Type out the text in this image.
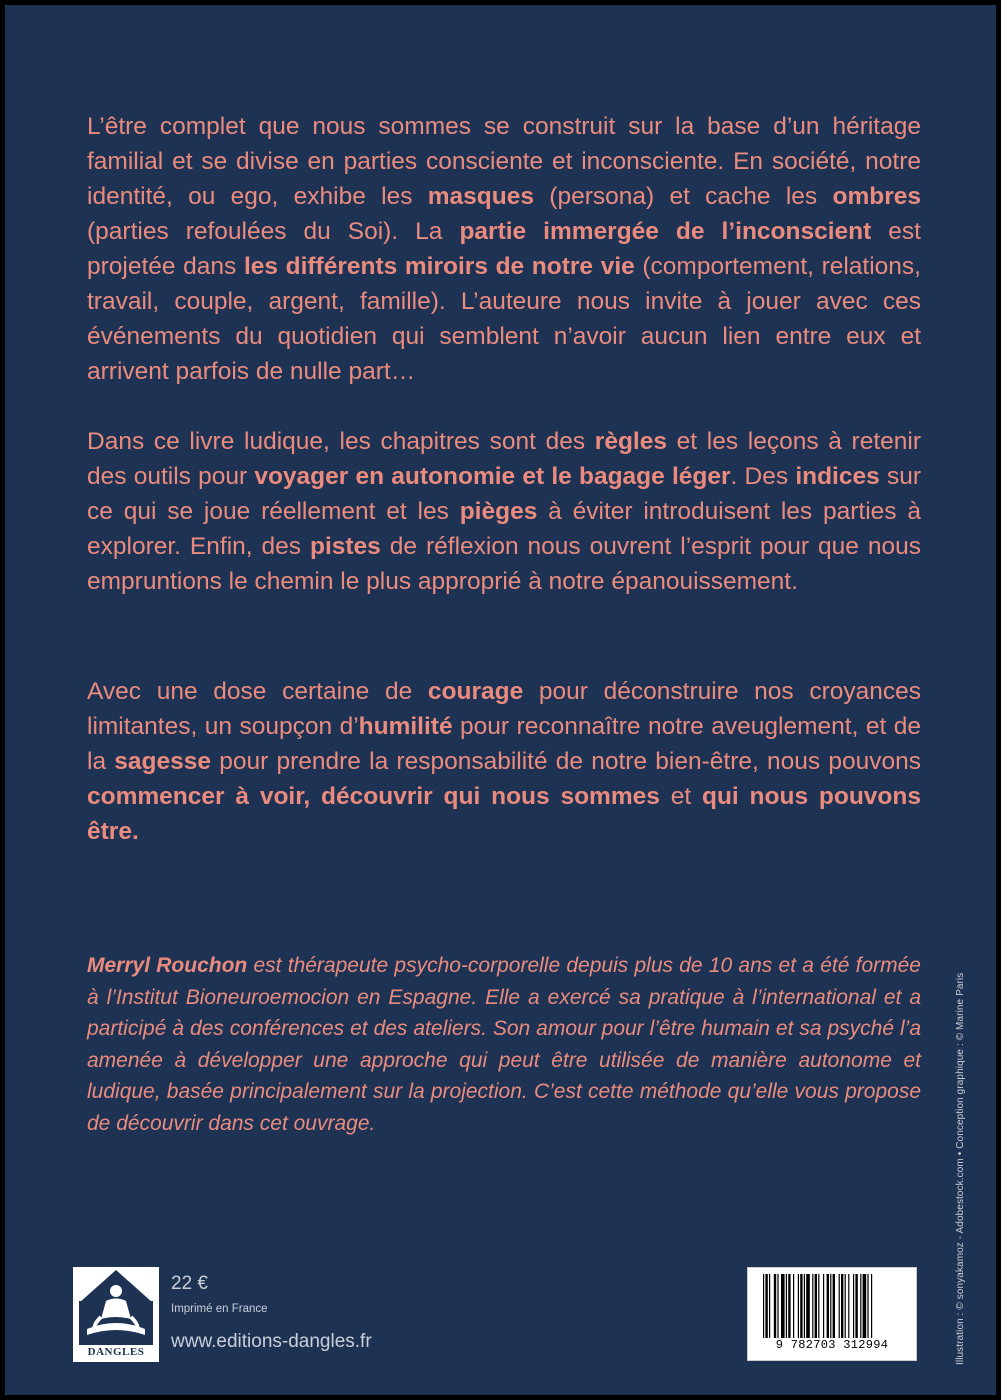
L’être complet que nous sommes se construit sur la base d’un héritage familial et se divise en parties consciente et inconsciente. En société, notre identité, ou ego, exhibe les masques (persona) et cache les ombres (parties refoulées du Soi). La partie immergée de l’inconscient est projetée dans les différents miroirs de notre vie (comportement, relations, travail, couple, argent, famille). L’auteure nous invite à jouer avec ces événements du quotidien qui semblent n’avoir aucun lien entre eux et arrivent parfois de nulle part…

Dans ce livre ludique, les chapitres sont des règles et les leçons à retenir des outils pour voyager en autonomie et le bagage léger. Des indices sur ce qui se joue réellement et les pièges à éviter introduisent les parties à explorer. Enfin, des pistes de réflexion nous ouvrent l’esprit pour que nous empruntions le chemin le plus approprié à notre épanouissement.

Avec une dose certaine de courage pour déconstruire nos croyances limitantes, un soupçon d’humilité pour reconnaître notre aveuglement, et de la sagesse pour prendre la responsabilité de notre bien-être, nous pouvons commencer à voir, découvrir qui nous sommes et qui nous pouvons être.

Merryl Rouchon est thérapeute psycho-corporelle depuis plus de 10 ans et a été formée à l’Institut Bioneuroemocion en Espagne. Elle a exercé sa pratique à l’international et a participé à des conférences et des ateliers. Son amour pour l’être humain et sa psyché l’a amenée à développer une approche qui peut être utilisée de manière autonome et ludique, basée principalement sur la projection. C’est cette méthode qu’elle vous propose de découvrir dans cet ouvrage.	Illustration : © sonyakamoz - Adobestock.com • Conception graphique : © Marine Paris
DANGLES
22 €
Imprimé en France
www.editions-dangles.fr	9 782703 312994
